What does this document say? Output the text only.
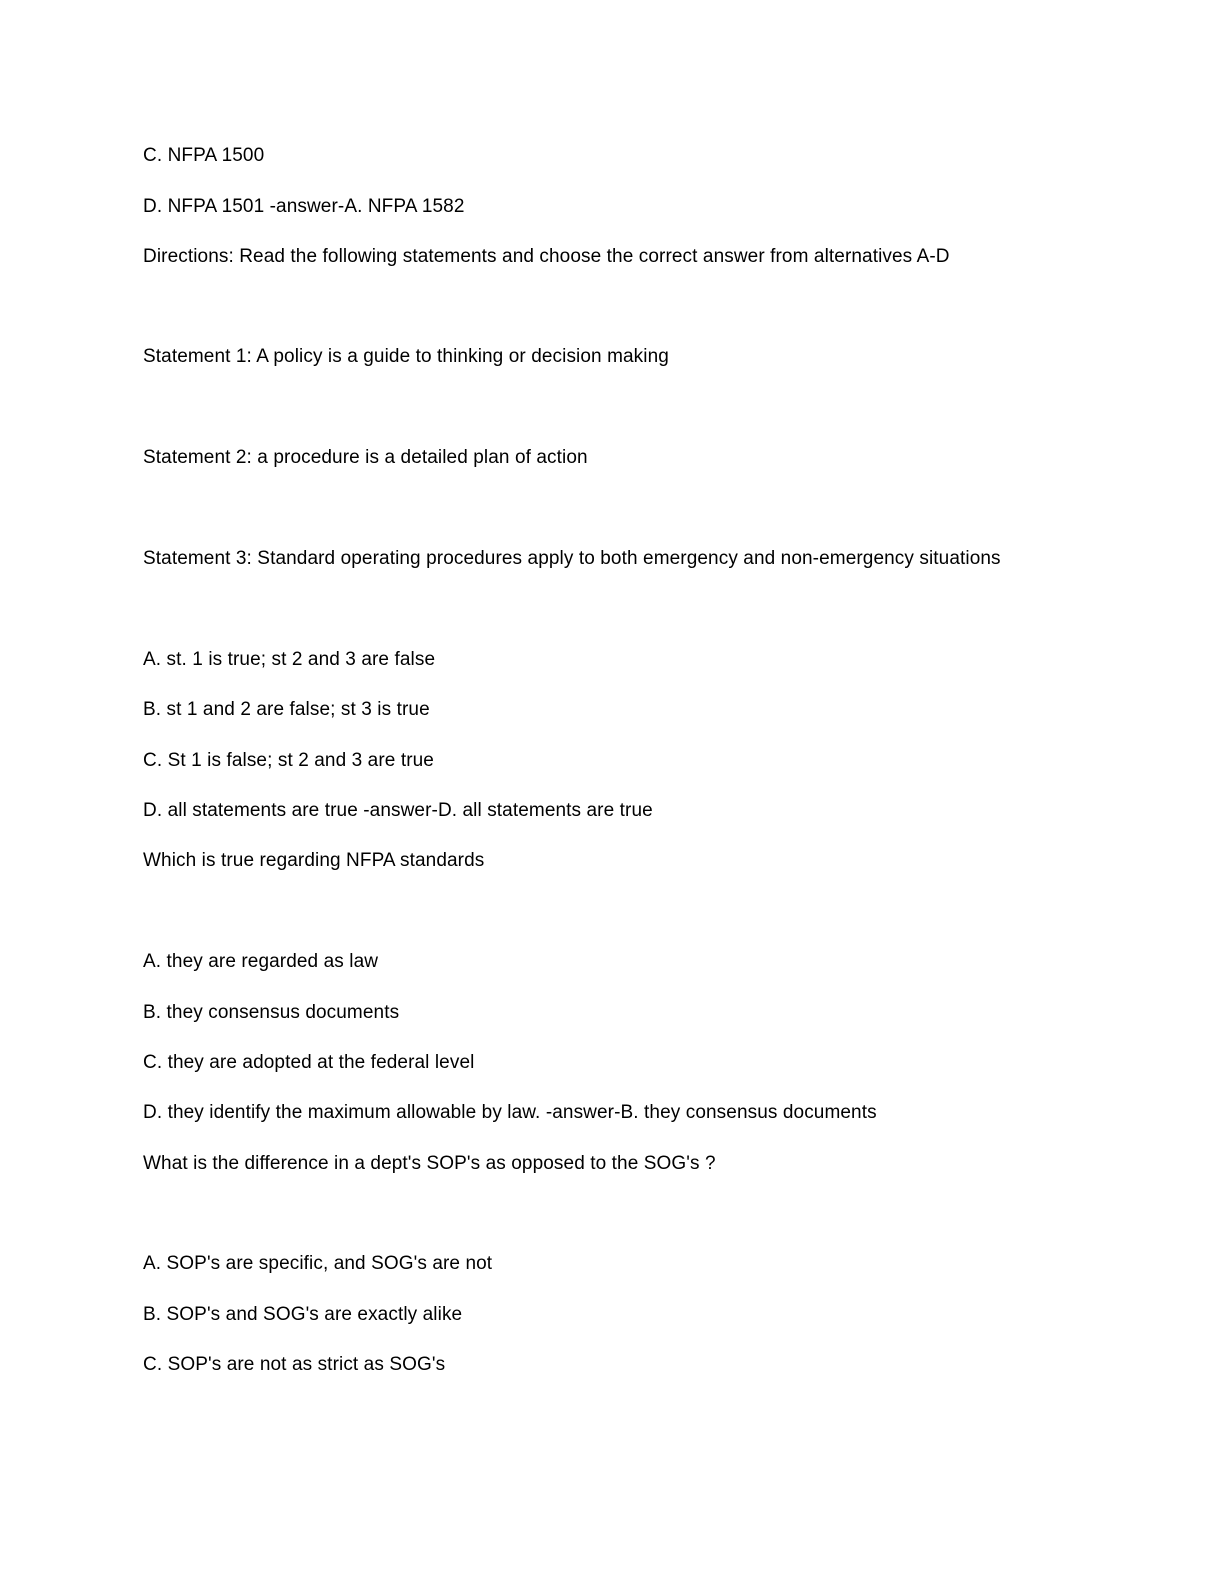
C. NFPA 1500
D. NFPA 1501 -answer-A. NFPA 1582
Directions: Read the following statements and choose the correct answer from alternatives A-D
Statement 1: A policy is a guide to thinking or decision making
Statement 2: a procedure is a detailed plan of action
Statement 3: Standard operating procedures apply to both emergency and non-emergency situations
A. st. 1 is true; st 2 and 3 are false
B. st 1 and 2 are false; st 3 is true
C. St 1 is false; st 2 and 3 are true
D. all statements are true -answer-D. all statements are true
Which is true regarding NFPA standards
A. they are regarded as law
B. they consensus documents
C. they are adopted at the federal level
D. they identify the maximum allowable by law. -answer-B. they consensus documents
What is the difference in a dept's SOP's as opposed to the SOG's ?
A. SOP's are specific, and SOG's are not
B. SOP's and SOG's are exactly alike
C. SOP's are not as strict as SOG's
